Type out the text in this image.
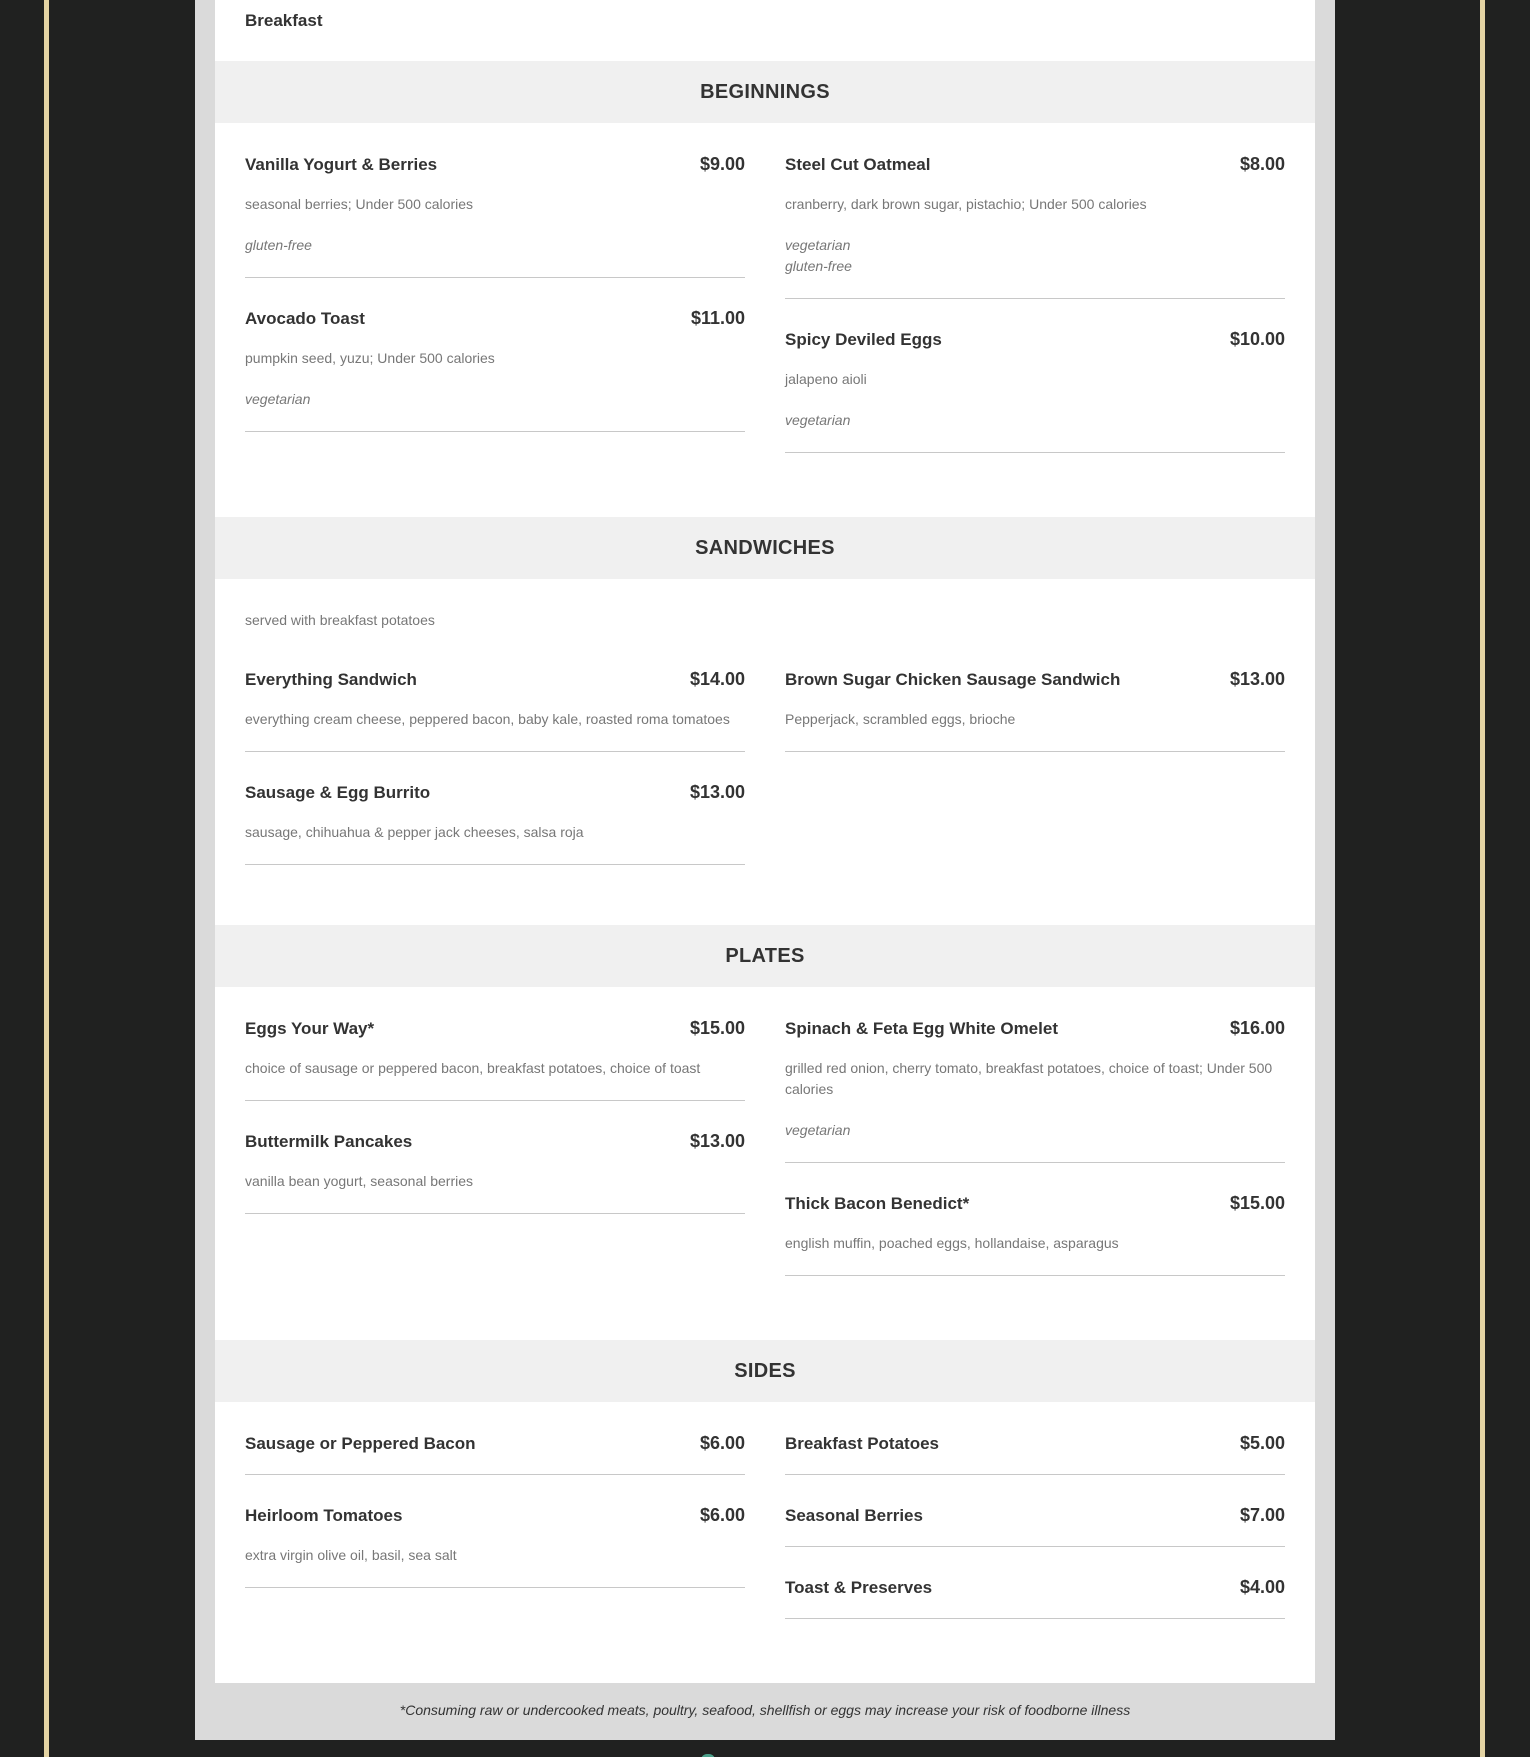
Breakfast
BEGINNINGS
Vanilla Yogurt & Berries	$9.00
seasonal berries; Under 500 calories
gluten-free
Steel Cut Oatmeal	$8.00
cranberry, dark brown sugar, pistachio; Under 500 calories
vegetarian
gluten-free
Avocado Toast	$11.00
pumpkin seed, yuzu; Under 500 calories
vegetarian
Spicy Deviled Eggs	$10.00
jalapeno aioli
vegetarian
SANDWICHES
served with breakfast potatoes
Everything Sandwich	$14.00
everything cream cheese, peppered bacon, baby kale, roasted roma tomatoes
Brown Sugar Chicken Sausage Sandwich	$13.00
Pepperjack, scrambled eggs, brioche
Sausage & Egg Burrito	$13.00
sausage, chihuahua & pepper jack cheeses, salsa roja
PLATES
Eggs Your Way*	$15.00
choice of sausage or peppered bacon, breakfast potatoes, choice of toast
Spinach & Feta Egg White Omelet	$16.00
grilled red onion, cherry tomato, breakfast potatoes, choice of toast; Under 500 calories
vegetarian
Buttermilk Pancakes	$13.00
vanilla bean yogurt, seasonal berries
Thick Bacon Benedict*	$15.00
english muffin, poached eggs, hollandaise, asparagus
SIDES
Sausage or Peppered Bacon	$6.00 Breakfast Potatoes	$5.00
Heirloom Tomatoes	$6.00
extra virgin olive oil, basil, sea salt
Seasonal Berries	$7.00
Toast & Preserves	$4.00
*Consuming raw or undercooked meats, poultry, seafood, shellfish or eggs may increase your risk of foodborne illness
